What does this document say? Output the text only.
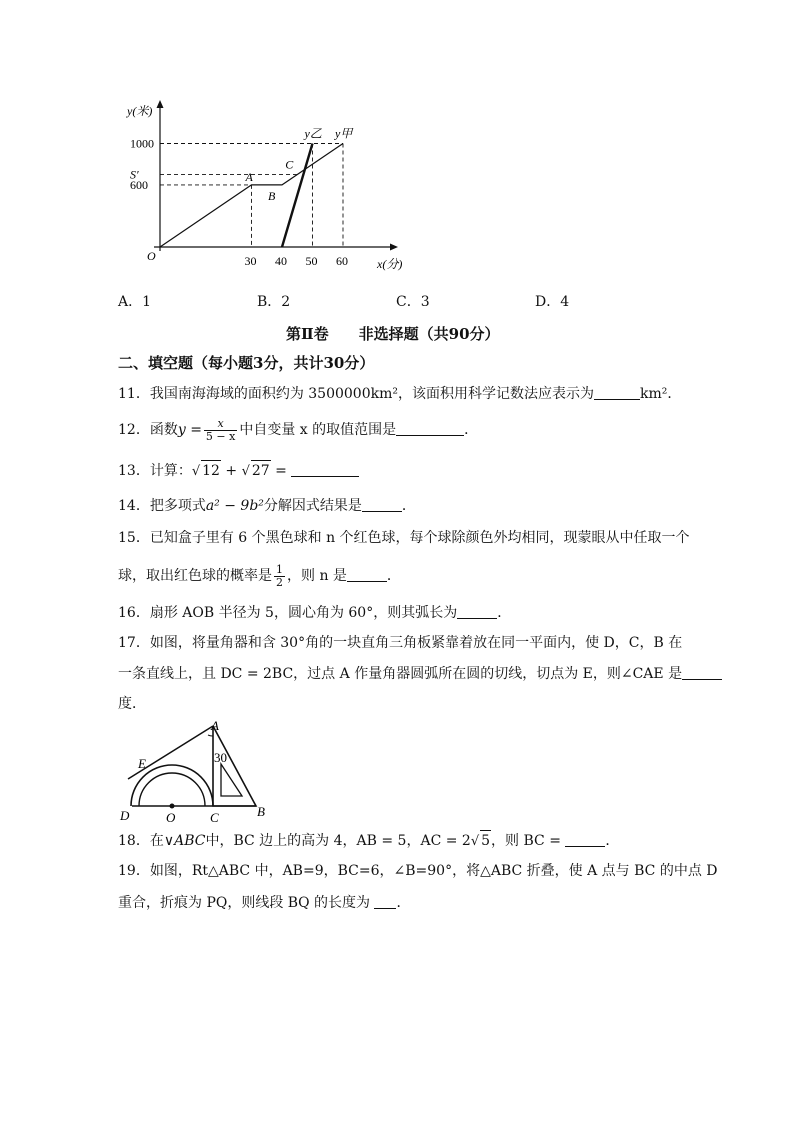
30 40 50 60
600
S′
1000
O
x(分)
y(米)
A
B
C
y乙 y甲
A．1	B．2	C．3	D．4
第Ⅱ卷　　非选择题（共90分）
二、填空题（每小题3分，共计30分）
11．我国南海海域的面积约为 3500000km²，该面积用科学记数法应表示为	km²．
12．函数$y = \frac{x}{5 - x}$ 中自变量 x 的取值范围是	．
13．计算：√ 12 + √ 27 =
14．把多项式a² − 9b²分解因式结果是	．
15．已知盒子里有 6 个黑色球和 n 个红色球，每个球除颜色外均相同，现蒙眼从中任取一个
球，取出红色球的概率是 $\frac{1}{2}$ ，则 n 是	．
16．扇形 AOB 半径为 5，圆心角为 60°，则其弧长为	．
17．如图，将量角器和含 30°角的一块直角三角板紧靠着放在同一平面内，使 D，C，B 在
一条直线上，且 DC = 2BC，过点 A 作量角器圆弧所在圆的切线，切点为 E，则∠CAE 是
度．
A
E
D	O	C	B
30
18．在∨ABC中，BC 边上的高为 4，AB = 5，AC = 2√ 5，则 BC =	．
19．如图，Rt△ABC 中，AB=9，BC=6，∠B=90°，将△ABC 折叠，使 A 点与 BC 的中点 D
重合，折痕为 PQ，则线段 BQ 的长度为 ．
